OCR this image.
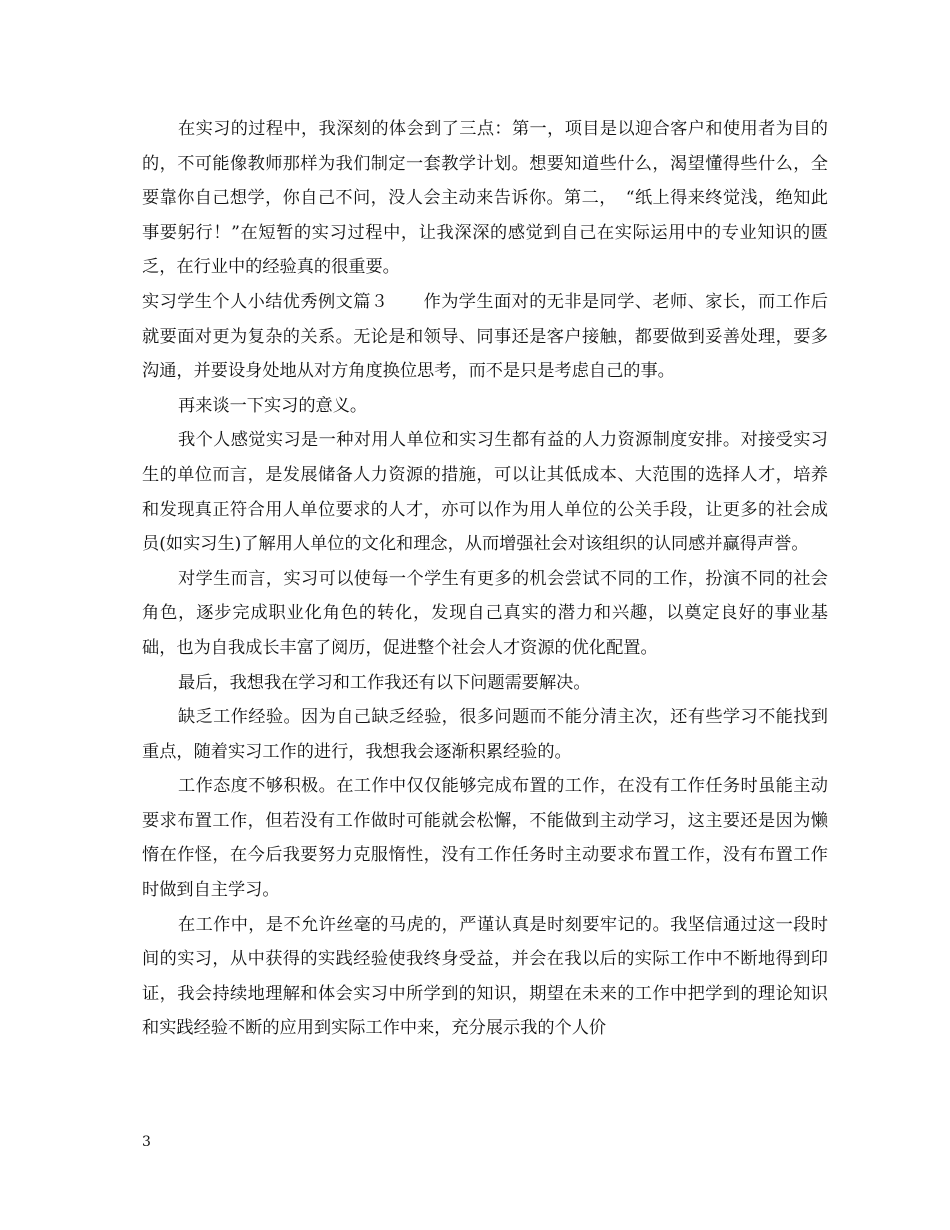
在实习的过程中，我深刻的体会到了三点：第一，项目是以迎合客户和使用者为目的的，不可能像教师那样为我们制定一套教学计划。想要知道些什么，渴望懂得些什么，全要靠你自己想学，你自己不问，没人会主动来告诉你。第二，　“纸上得来终觉浅，绝知此事要躬行！”在短暂的实习过程中，让我深深的感觉到自己在实际运用中的专业知识的匮乏，在行业中的经验真的很重要。

实习学生个人小结优秀例文篇３　　作为学生面对的无非是同学、老师、家长，而工作后就要面对更为复杂的关系。无论是和领导、同事还是客户接触，都要做到妥善处理，要多沟通，并要设身处地从对方角度换位思考，而不是只是考虑自己的事。

再来谈一下实习的意义。

我个人感觉实习是一种对用人单位和实习生都有益的人力资源制度安排。对接受实习生的单位而言，是发展储备人力资源的措施，可以让其低成本、大范围的选择人才，培养和发现真正符合用人单位要求的人才，亦可以作为用人单位的公关手段，让更多的社会成员(如实习生)了解用人单位的文化和理念，从而增强社会对该组织的认同感并赢得声誉。

对学生而言，实习可以使每一个学生有更多的机会尝试不同的工作，扮演不同的社会角色，逐步完成职业化角色的转化，发现自己真实的潜力和兴趣，以奠定良好的事业基础，也为自我成长丰富了阅历，促进整个社会人才资源的优化配置。

最后，我想我在学习和工作我还有以下问题需要解决。

缺乏工作经验。因为自己缺乏经验，很多问题而不能分清主次，还有些学习不能找到重点，随着实习工作的进行，我想我会逐渐积累经验的。

工作态度不够积极。在工作中仅仅能够完成布置的工作，在没有工作任务时虽能主动要求布置工作，但若没有工作做时可能就会松懈，不能做到主动学习，这主要还是因为懒惰在作怪，在今后我要努力克服惰性，没有工作任务时主动要求布置工作，没有布置工作时做到自主学习。

在工作中，是不允许丝毫的马虎的，严谨认真是时刻要牢记的。我坚信通过这一段时间的实习，从中获得的实践经验使我终身受益，并会在我以后的实际工作中不断地得到印证，我会持续地理解和体会实习中所学到的知识，期望在未来的工作中把学到的理论知识和实践经验不断的应用到实际工作中来，充分展示我的个人价

3
